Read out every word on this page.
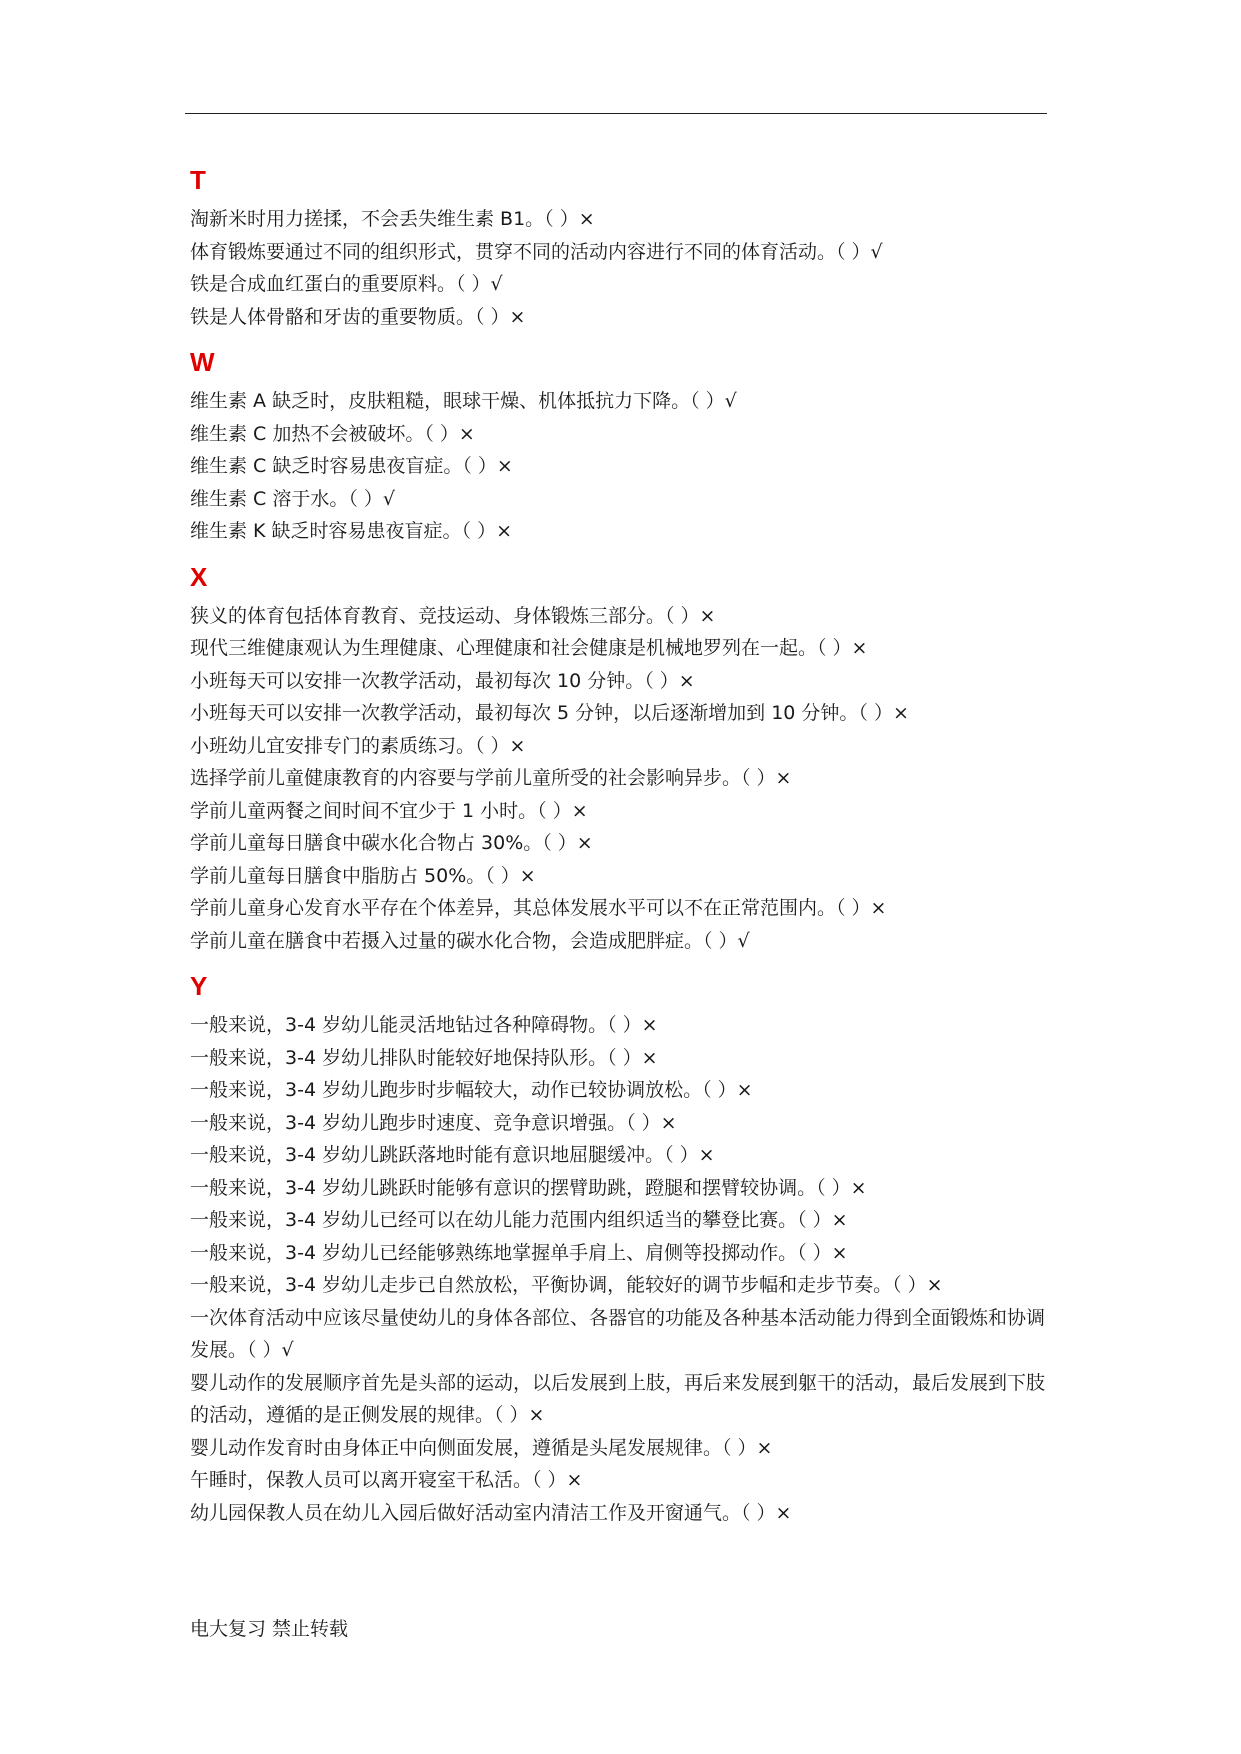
T
淘新米时用力搓揉，不会丢失维生素 B1。（ ）×
体育锻炼要通过不同的组织形式，贯穿不同的活动内容进行不同的体育活动。（ ）√
铁是合成血红蛋白的重要原料。（ ）√
铁是人体骨骼和牙齿的重要物质。（ ）×
W
维生素 A 缺乏时，皮肤粗糙，眼球干燥、机体抵抗力下降。（ ）√
维生素 C 加热不会被破坏。（ ）×
维生素 C 缺乏时容易患夜盲症。（ ）×
维生素 C 溶于水。（ ）√
维生素 K 缺乏时容易患夜盲症。（ ）×
X
狭义的体育包括体育教育、竞技运动、身体锻炼三部分。（ ）×
现代三维健康观认为生理健康、心理健康和社会健康是机械地罗列在一起。（ ）×
小班每天可以安排一次教学活动，最初每次 10 分钟。（ ）×
小班每天可以安排一次教学活动，最初每次 5 分钟，以后逐渐增加到 10 分钟。（ ）×
小班幼儿宜安排专门的素质练习。（ ）×
选择学前儿童健康教育的内容要与学前儿童所受的社会影响异步。（ ）×
学前儿童两餐之间时间不宜少于 1 小时。（ ）×
学前儿童每日膳食中碳水化合物占 30%。（ ）×
学前儿童每日膳食中脂肪占 50%。（ ）×
学前儿童身心发育水平存在个体差异，其总体发展水平可以不在正常范围内。（ ）×
学前儿童在膳食中若摄入过量的碳水化合物，会造成肥胖症。（ ）√
Y
一般来说，3-4 岁幼儿能灵活地钻过各种障碍物。（ ）×
一般来说，3-4 岁幼儿排队时能较好地保持队形。（ ）×
一般来说，3-4 岁幼儿跑步时步幅较大，动作已较协调放松。（ ）×
一般来说，3-4 岁幼儿跑步时速度、竞争意识增强。（ ）×
一般来说，3-4 岁幼儿跳跃落地时能有意识地屈腿缓冲。（ ）×
一般来说，3-4 岁幼儿跳跃时能够有意识的摆臂助跳，蹬腿和摆臂较协调。（ ）×
一般来说，3-4 岁幼儿已经可以在幼儿能力范围内组织适当的攀登比赛。（ ）×
一般来说，3-4 岁幼儿已经能够熟练地掌握单手肩上、肩侧等投掷动作。（ ）×
一般来说，3-4 岁幼儿走步已自然放松，平衡协调，能较好的调节步幅和走步节奏。（ ）×
一次体育活动中应该尽量使幼儿的身体各部位、各器官的功能及各种基本活动能力得到全面锻炼和协调发展。（ ）√
婴儿动作的发展顺序首先是头部的运动，以后发展到上肢，再后来发展到躯干的活动，最后发展到下肢的活动，遵循的是正侧发展的规律。（ ）×
婴儿动作发育时由身体正中向侧面发展，遵循是头尾发展规律。（ ）×
午睡时，保教人员可以离开寝室干私活。（ ）×
幼儿园保教人员在幼儿入园后做好活动室内清洁工作及开窗通气。（ ）×
电大复习 禁止转载
